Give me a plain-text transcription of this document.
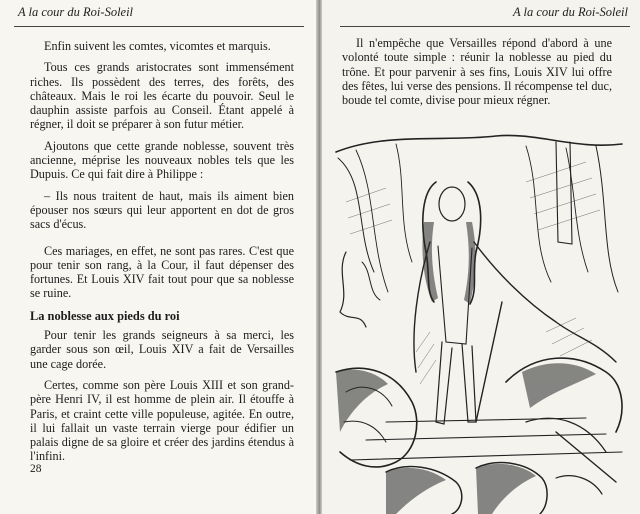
A la cour du Roi-Soleil

Enfin suivent les comtes, vicomtes et marquis.

Tous ces grands aristocrates sont immensément riches. Ils possèdent des terres, des forêts, des châteaux. Mais le roi les écarte du pouvoir. Seul le dauphin assiste parfois au Conseil. Étant appelé à régner, il doit se préparer à son futur métier.

Ajoutons que cette grande noblesse, souvent très ancienne, méprise les nouveaux nobles tels que les Dupuis. Ce qui fait dire à Philippe :

– Ils nous traitent de haut, mais ils aiment bien épouser nos sœurs qui leur apportent en dot de gros sacs d'écus.

Ces mariages, en effet, ne sont pas rares. C'est que pour tenir son rang, à la Cour, il faut dépenser des fortunes. Et Louis XIV fait tout pour que sa noblesse se ruine.

La noblesse aux pieds du roi

Pour tenir les grands seigneurs à sa merci, les garder sous son œil, Louis XIV a fait de Versailles une cage dorée.

Certes, comme son père Louis XIII et son grand-père Henri IV, il est homme de plein air. Il étouffe à Paris, et craint cette ville populeuse, agitée. En outre, il lui fallait un vaste terrain vierge pour édifier un palais digne de sa gloire et créer des jardins étendus à l'infini.

28
A la cour du Roi-Soleil

Il n'empêche que Versailles répond d'abord à une volonté toute simple : réunir la noblesse au pied du trône. Et pour parvenir à ses fins, Louis XIV lui offre des fêtes, lui verse des pensions. Il récompense tel duc, boude tel comte, divise pour mieux régner.
